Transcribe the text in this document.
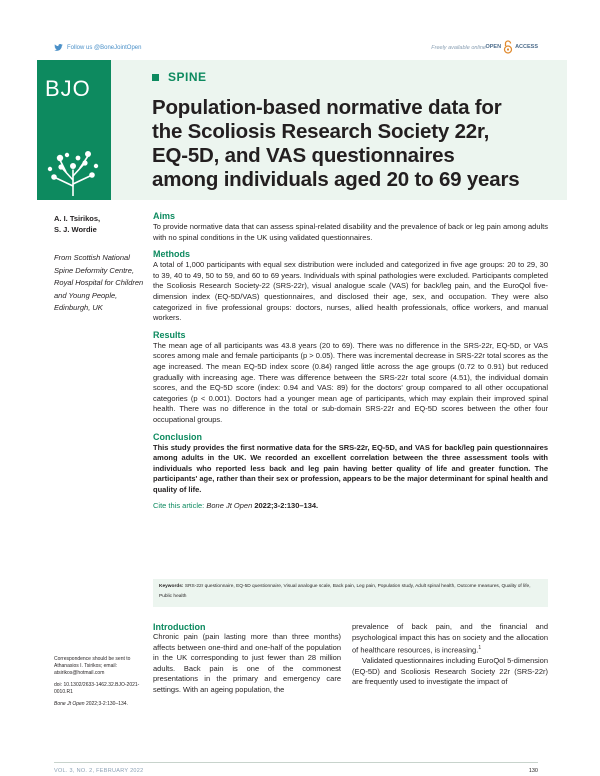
Follow us @BoneJointOpen	Freely available online OPEN	ACCESS
BJO	SPINE
Population-based normative data for the Scoliosis Research Society 22r, EQ-5D, and VAS questionnaires among individuals aged 20 to 69 years
A. I. Tsirikos,
S. J. Wordie
From Scottish National Spine Deformity Centre, Royal Hospital for Children and Young People, Edinburgh, UK
Aims

To provide normative data that can assess spinal-related disability and the prevalence of back or leg pain among adults with no spinal conditions in the UK using validated questionnaires.

Methods

A total of 1,000 participants with equal sex distribution were included and categorized in five age groups: 20 to 29, 30 to 39, 40 to 49, 50 to 59, and 60 to 69 years. Individuals with spinal pathologies were excluded. Participants completed the Scoliosis Research Society-22 (SRS-22r), visual analogue scale (VAS) for back/leg pain, and the EuroQol five-dimension index (EQ-5D/VAS) questionnaires, and disclosed their age, sex, and occupation. They were also categorized in five professional groups: doctors, nurses, allied health professionals, office workers, and manual workers.

Results

The mean age of all participants was 43.8 years (20 to 69). There was no difference in the SRS-22r, EQ-5D, or VAS scores among male and female participants (p > 0.05). There was incremental decrease in SRS-22r total scores as the age increased. The mean EQ-5D index score (0.84) ranged little across the age groups (0.72 to 0.91) but reduced gradually with increasing age. There was difference between the SRS-22r total score (4.51), the individual domain scores, and the EQ-5D score (index: 0.94 and VAS: 89) for the doctors' group compared to all other occupational categories (p < 0.001). Doctors had a younger mean age of participants, which may explain their improved spinal health. There was no difference in the total or sub-domain SRS-22r and EQ-5D scores between the other four occupational groups.

Conclusion

This study provides the first normative data for the SRS-22r, EQ-5D, and VAS for back/leg pain questionnaires among adults in the UK. We recorded an excellent correlation between the three assessment tools with individuals who reported less back and leg pain having better quality of life and greater function. The participants' age, rather than their sex or profession, appears to be the major determinant for spinal health and quality of life.

Cite this article: Bone Jt Open 2022;3-2:130–134.
Keywords: SRS-22r questionnaire, EQ-5D questionnaire, Visual analogue scale, Back pain, Leg pain, Population study, Adult spinal health, Outcome measures, Quality of life, Public health

Correspondence should be sent to Athanasios I. Tsirikos; email: atsirikos@hotmail.com

doi: 10.1302/2633-1462.32.BJO-2021-0010.R1

Bone Jt Open 2022;3-2:130–134.

Introduction

Chronic pain (pain lasting more than three months) affects between one-third and one-half of the population in the UK corresponding to just fewer than 28 million adults. Back pain is one of the commonest presentations in the primary and emergency care settings. With an ageing population, the

prevalence of back pain, and the financial and psychological impact this has on society and the allocation of healthcare resources, is increasing.$^1$

Validated questionnaires including EuroQol 5-dimension (EQ-5D) and Scoliosis Research Society 22r (SRS-22r) are frequently used to investigate the impact of

VOL. 3, NO. 2, FEBRUARY 2022	130
